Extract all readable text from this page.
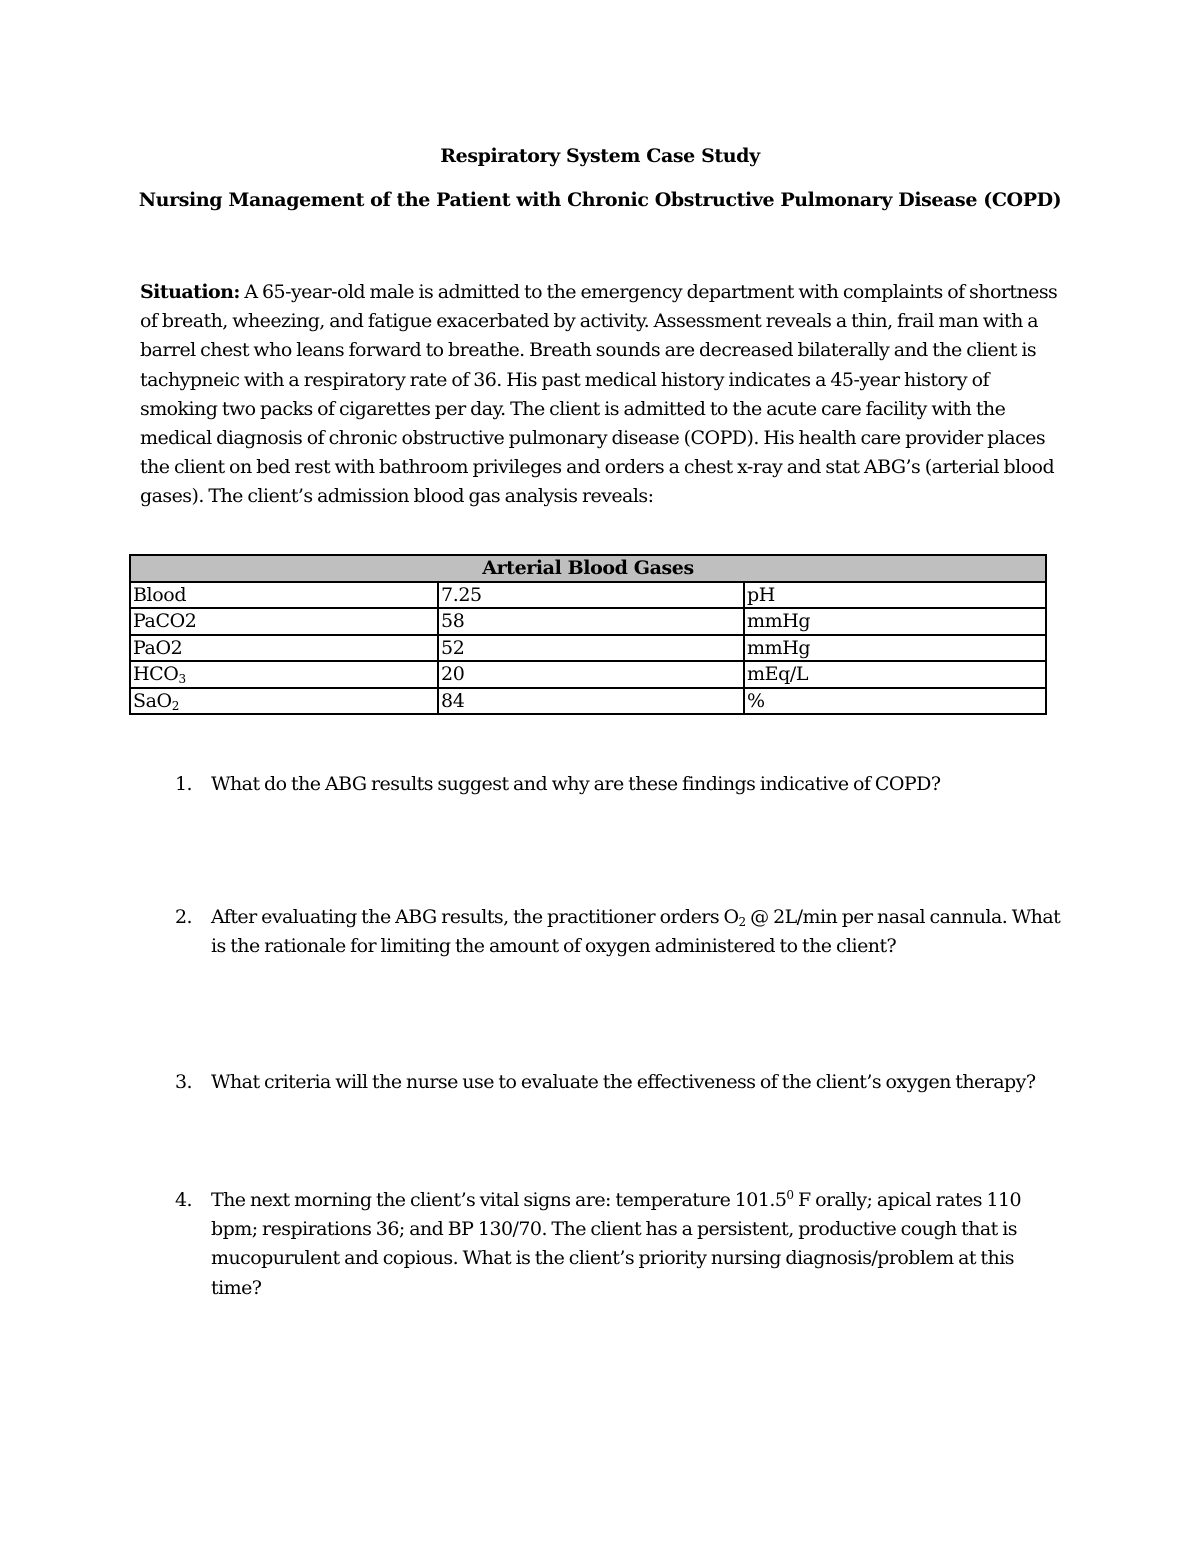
Respiratory System Case Study
Nursing Management of the Patient with Chronic Obstructive Pulmonary Disease (COPD)
Situation: A 65-year-old male is admitted to the emergency department with complaints of shortness of breath, wheezing, and fatigue exacerbated by activity. Assessment reveals a thin, frail man with a barrel chest who leans forward to breathe. Breath sounds are decreased bilaterally and the client is tachypneic with a respiratory rate of 36. His past medical history indicates a 45-year history of smoking two packs of cigarettes per day. The client is admitted to the acute care facility with the medical diagnosis of chronic obstructive pulmonary disease (COPD). His health care provider places the client on bed rest with bathroom privileges and orders a chest x-ray and stat ABG’s (arterial blood gases). The client’s admission blood gas analysis reveals:
Arterial Blood Gases		
Blood	7.25	pH
PaCO2	58	mmHg
PaO2	52	mmHg
$HCO_3$	20	mEq/L
SaO$_2$	84	%
1. What do the ABG results suggest and why are these findings indicative of COPD?
2. After evaluating the ABG results, the practitioner orders $O_2$ @ 2L/min per nasal cannula. What is the rationale for limiting the amount of oxygen administered to the client?
3. What criteria will the nurse use to evaluate the effectiveness of the client’s oxygen therapy?
4. The next morning the client’s vital signs are: temperature 101.5$^0$ F orally; apical rates 110 bpm; respirations 36; and BP 130/70. The client has a persistent, productive cough that is mucopurulent and copious. What is the client’s priority nursing diagnosis/problem at this time?
